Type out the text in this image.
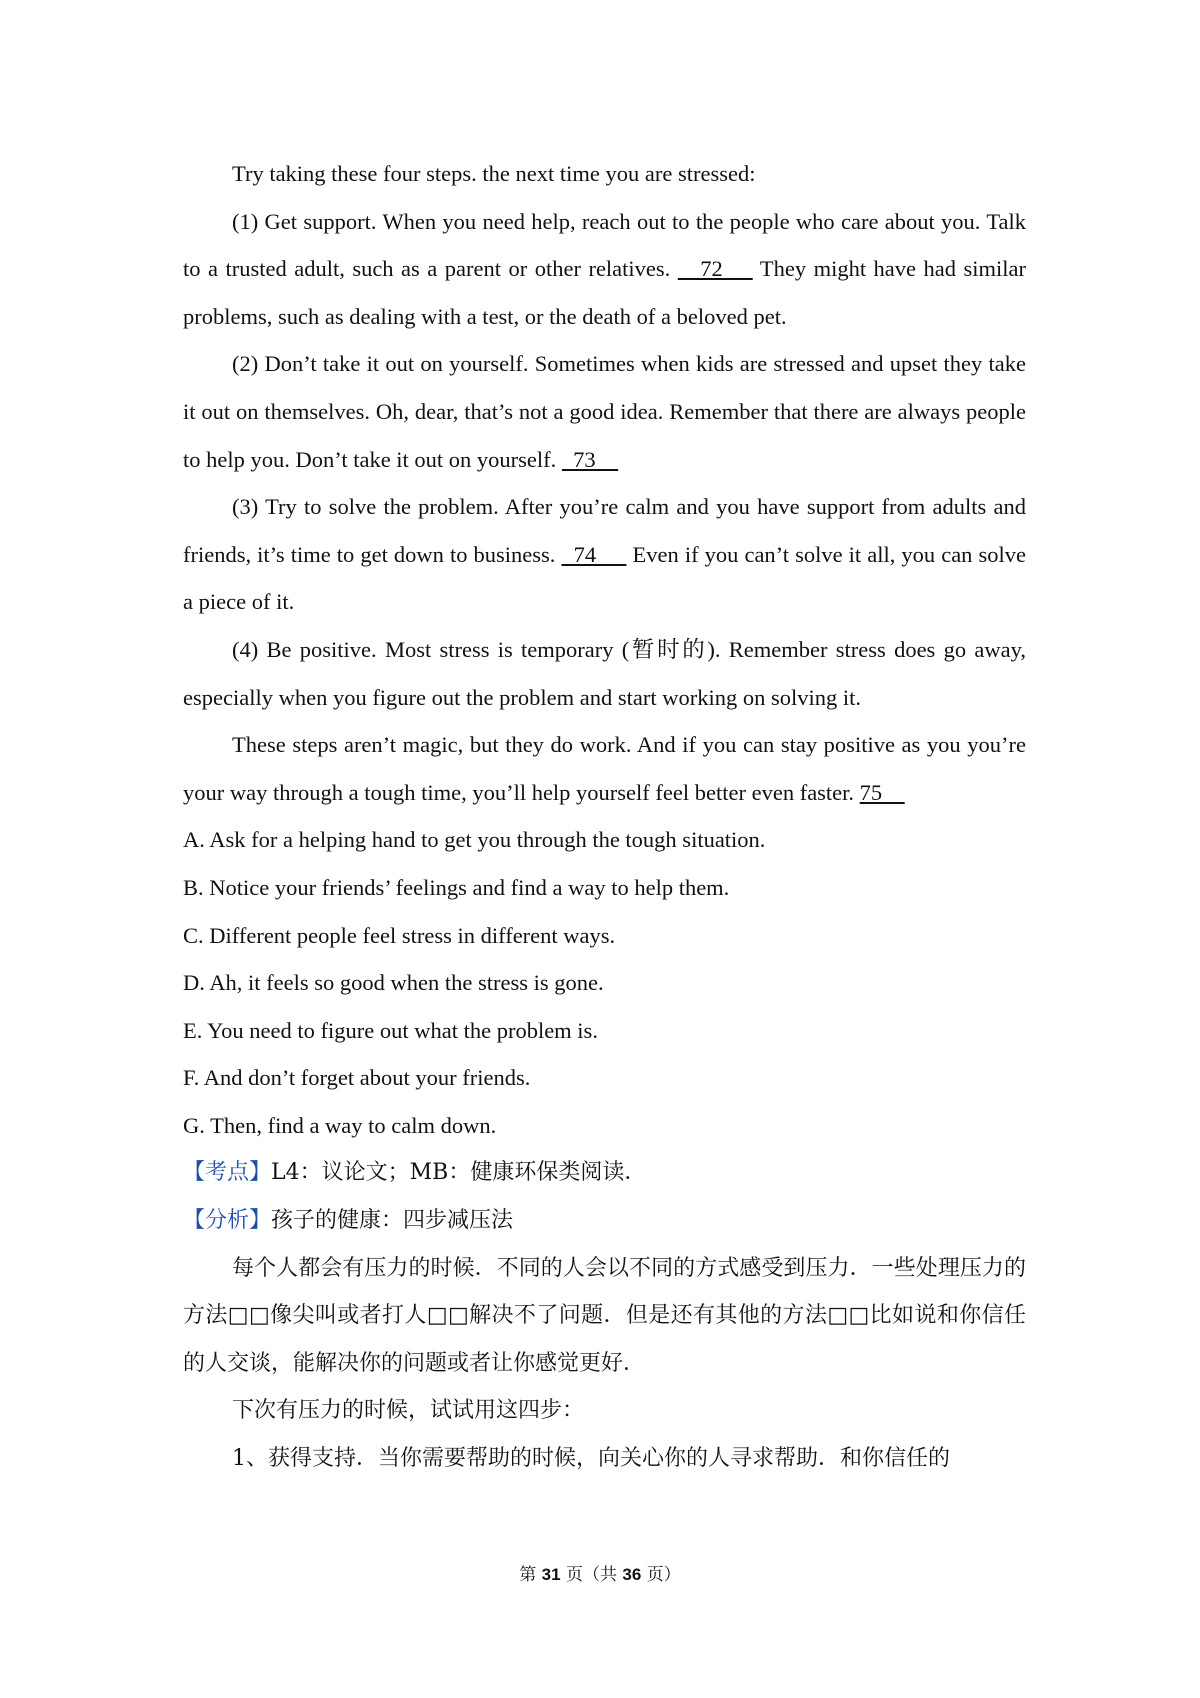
Try taking these four steps. the next time you are stressed:

(1) Get support. When you need help, reach out to the people who care about you. Talk to a trusted adult, such as a parent or other relatives.    72     They might have had similar problems, such as dealing with a test, or the death of a beloved pet.

(2) Don’t take it out on yourself. Sometimes when kids are stressed and upset they take it out on themselves. Oh, dear, that’s not a good idea. Remember that there are always people to help you. Don’t take it out on yourself.   73

(3) Try to solve the problem. After you’re calm and you have support from adults and friends, it’s time to get down to business.   74      Even if you can’t solve it all, you can solve a piece of it.

(4) Be positive. Most stress is temporary (暂时的). Remember stress does go away, especially when you figure out the problem and start working on solving it.

These steps aren’t magic, but they do work. And if you can stay positive as you you’re your way through a tough time, you’ll help yourself feel better even faster. 75

A. Ask for a helping hand to get you through the tough situation.

B. Notice your friends’ feelings and find a way to help them.

C. Different people feel stress in different ways.

D. Ah, it feels so good when the stress is gone.

E. You need to figure out what the problem is.

F. And don’t forget about your friends.

G. Then, find a way to calm down.

【考点】L4：议论文；MB：健康环保类阅读．

【分析】孩子的健康：四步减压法

每个人都会有压力的时候．不同的人会以不同的方式感受到压力．一些处理压力的方法□□像尖叫或者打人□□解决不了问题．但是还有其他的方法□□比如说和你信任的人交谈，能解决你的问题或者让你感觉更好．

下次有压力的时候，试试用这四步：

1、获得支持．当你需要帮助的时候，向关心你的人寻求帮助．和你信任的

第 31 页（共 36 页）
